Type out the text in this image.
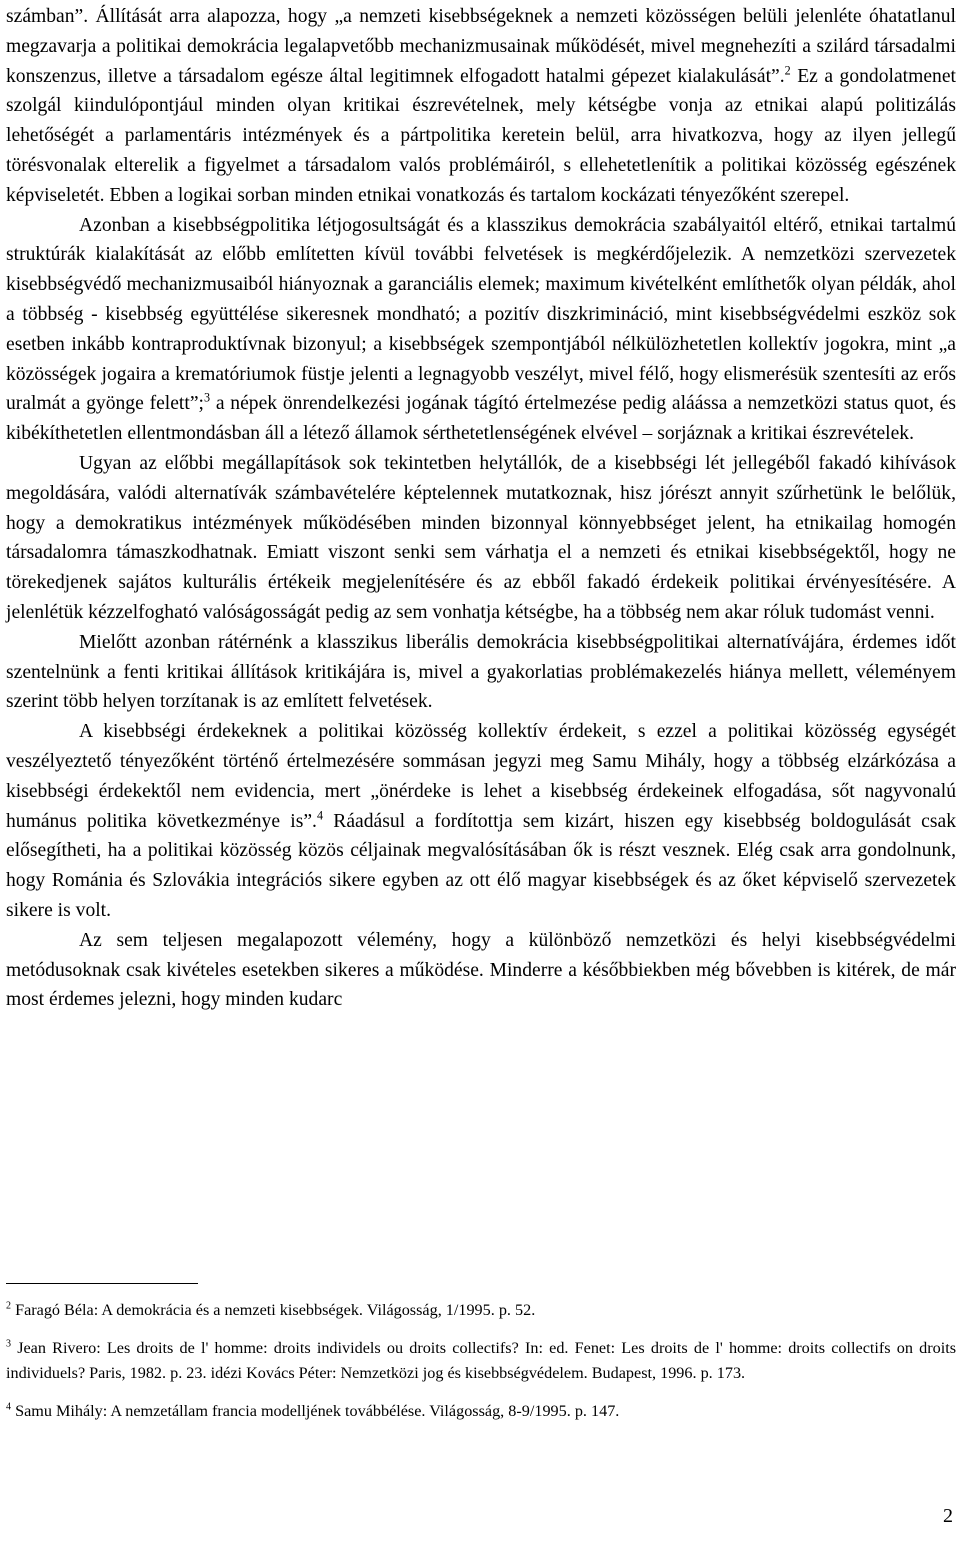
számban”. Állítását arra alapozza, hogy „a nemzeti kisebbségeknek a nemzeti közösségen belüli jelenléte óhatatlanul megzavarja a politikai demokrácia legalapvetőbb mechanizmusainak működését, mivel megnehezíti a szilárd társadalmi konszenzus, illetve a társadalom egésze által legitimnek elfogadott hatalmi gépezet kialakulását”.$^2$ Ez a gondolatmenet szolgál kiindulópontjául minden olyan kritikai észrevételnek, mely kétségbe vonja az etnikai alapú politizálás lehetőségét a parlamentáris intézmények és a pártpolitika keretein belül, arra hivatkozva, hogy az ilyen jellegű törésvonalak elterelik a figyelmet a társadalom valós problémáiról, s ellehetetlenítik a politikai közösség egészének képviseletét. Ebben a logikai sorban minden etnikai vonatkozás és tartalom kockázati tényezőként szerepel.

Azonban a kisebbségpolitika létjogosultságát és a klasszikus demokrácia szabályaitól eltérő, etnikai tartalmú struktúrák kialakítását az előbb említetten kívül további felvetések is megkérdőjelezik. A nemzetközi szervezetek kisebbségvédő mechanizmusaiból hiányoznak a garanciális elemek; maximum kivételként említhetők olyan példák, ahol a többség - kisebbség együttélése sikeresnek mondható; a pozitív diszkrimináció, mint kisebbségvédelmi eszköz sok esetben inkább kontraproduktívnak bizonyul; a kisebbségek szempontjából nélkülözhetetlen kollektív jogokra, mint „a közösségek jogaira a krematóriumok füstje jelenti a legnagyobb veszélyt, mivel félő, hogy elismerésük szentesíti az erős uralmát a gyönge felett”;$^3$ a népek önrendelkezési jogának tágító értelmezése pedig aláássa a nemzetközi status quot, és kibékíthetetlen ellentmondásban áll a létező államok sérthetetlenségének elvével – sorjáznak a kritikai észrevételek.

Ugyan az előbbi megállapítások sok tekintetben helytállók, de a kisebbségi lét jellegéből fakadó kihívások megoldására, valódi alternatívák számbavételére képtelennek mutatkoznak, hisz jórészt annyit szűrhetünk le belőlük, hogy a demokratikus intézmények működésében minden bizonnyal könnyebbséget jelent, ha etnikailag homogén társadalomra támaszkodhatnak. Emiatt viszont senki sem várhatja el a nemzeti és etnikai kisebbségektől, hogy ne törekedjenek sajátos kulturális értékeik megjelenítésére és az ebből fakadó érdekeik politikai érvényesítésére. A jelenlétük kézzelfogható valóságosságát pedig az sem vonhatja kétségbe, ha a többség nem akar róluk tudomást venni.

Mielőtt azonban rátérnénk a klasszikus liberális demokrácia kisebbségpolitikai alternatívájára, érdemes időt szentelnünk a fenti kritikai állítások kritikájára is, mivel a gyakorlatias problémakezelés hiánya mellett, véleményem szerint több helyen torzítanak is az említett felvetések.

A kisebbségi érdekeknek a politikai közösség kollektív érdekeit, s ezzel a politikai közösség egységét veszélyeztető tényezőként történő értelmezésére sommásan jegyzi meg Samu Mihály, hogy a többség elzárkózása a kisebbségi érdekektől nem evidencia, mert „önérdeke is lehet a kisebbség érdekeinek elfogadása, sőt nagyvonalú humánus politika következménye is”.$^4$ Ráadásul a fordítottja sem kizárt, hiszen egy kisebbség boldogulását csak elősegítheti, ha a politikai közösség közös céljainak megvalósításában ők is részt vesznek. Elég csak arra gondolnunk, hogy Románia és Szlovákia integrációs sikere egyben az ott élő magyar kisebbségek és az őket képviselő szervezetek sikere is volt.

Az sem teljesen megalapozott vélemény, hogy a különböző nemzetközi és helyi kisebbségvédelmi metódusoknak csak kivételes esetekben sikeres a működése. Minderre a későbbiekben még bővebben is kitérek, de már most érdemes jelezni, hogy minden kudarc

$^2$ Faragó Béla: A demokrácia és a nemzeti kisebbségek. Világosság, 1/1995. p. 52.
$^3$ Jean Rivero: Les droits de l' homme: droits individels ou droits collectifs? In: ed. Fenet: Les droits de l' homme: droits collectifs on droits individuels? Paris, 1982. p. 23. idézi Kovács Péter: Nemzetközi jog és kisebbségvédelem. Budapest, 1996. p. 173.
$^4$ Samu Mihály: A nemzetállam francia modelljének továbbélése. Világosság, 8-9/1995. p. 147.
2
